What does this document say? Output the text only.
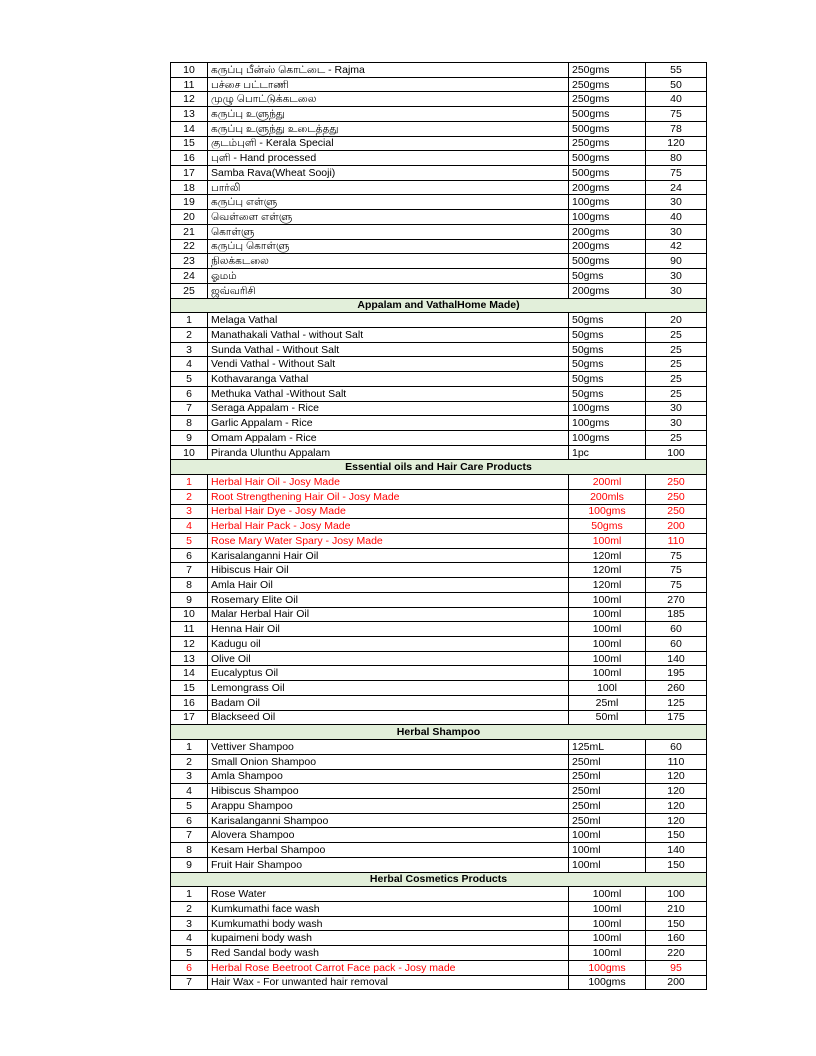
10	கருப்பு பீன்ஸ் கொட்டை - Rajma	250gms	55
11	பச்சை பட்டாணி	250gms	50
12	முழு பொட்டுக்கடலை	250gms	40
13	கருப்பு உளுந்து	500gms	75
14	கருப்பு உளுந்து உடைத்தது	500gms	78
15	குடம்புளி - Kerala Special	250gms	120
16	புளி - Hand processed	500gms	80
17	Samba Rava(Wheat Sooji)	500gms	75
18	பார்லி	200gms	24
19	கருப்பு எள்ளு	100gms	30
20	வெள்ளை எள்ளு	100gms	40
21	கொள்ளு	200gms	30
22	கருப்பு கொள்ளு	200gms	42
23	நிலக்கடலை	500gms	90
24	ஓமம்	50gms	30
25	ஜவ்வரிசி	200gms	30
Appalam and VathalHome Made)			
1	Melaga Vathal	50gms	20
2	Manathakali Vathal - without Salt	50gms	25
3	Sunda Vathal - Without Salt	50gms	25
4	Vendi Vathal - Without Salt	50gms	25
5	Kothavaranga Vathal	50gms	25
6	Methuka Vathal -Without Salt	50gms	25
7	Seraga Appalam - Rice	100gms	30
8	Garlic Appalam - Rice	100gms	30
9	Omam Appalam - Rice	100gms	25
10	Piranda Ulunthu Appalam	1pc	100
Essential oils and Hair Care Products			
1	Herbal Hair Oil - Josy Made	200ml	250
2	Root Strengthening Hair Oil - Josy Made	200mls	250
3	Herbal Hair Dye - Josy Made	100gms	250
4	Herbal Hair Pack - Josy Made	50gms	200
5	Rose Mary Water Spary - Josy Made	100ml	110
6	Karisalanganni Hair Oil	120ml	75
7	Hibiscus Hair Oil	120ml	75
8	Amla Hair Oil	120ml	75
9	Rosemary Elite Oil	100ml	270
10	Malar Herbal Hair Oil	100ml	185
11	Henna Hair Oil	100ml	60
12	Kadugu oil	100ml	60
13	Olive Oil	100ml	140
14	Eucalyptus Oil	100ml	195
15	Lemongrass Oil	100l	260
16	Badam Oil	25ml	125
17	Blackseed Oil	50ml	175
Herbal Shampoo			
1	Vettiver Shampoo	125mL	60
2	Small Onion Shampoo	250ml	110
3	Amla Shampoo	250ml	120
4	Hibiscus Shampoo	250ml	120
5	Arappu Shampoo	250ml	120
6	Karisalanganni Shampoo	250ml	120
7	Alovera Shampoo	100ml	150
8	Kesam Herbal Shampoo	100ml	140
9	Fruit Hair Shampoo	100ml	150
Herbal Cosmetics Products			
1	Rose Water	100ml	100
2	Kumkumathi face wash	100ml	210
3	Kumkumathi body wash	100ml	150
4	kupaimeni body wash	100ml	160
5	Red Sandal body wash	100ml	220
6	Herbal Rose Beetroot Carrot Face pack - Josy made	100gms	95
7	Hair Wax - For unwanted hair removal	100gms	200
